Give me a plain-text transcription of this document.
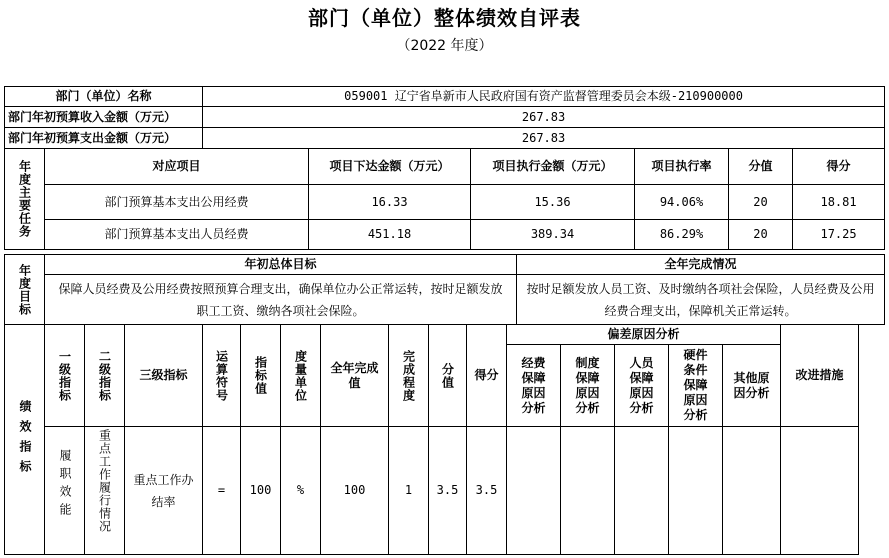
部门（单位）整体绩效自评表
（2022 年度）
部门（单位）名称		059001 辽宁省阜新市人民政府国有资产监督管理委员会本级-210900000					
部门年初预算收入金额（万元）		267.83					
部门年初预算支出金额（万元）		267.83					

年度主要任务	对应项目		项目下达金额（万元）	项目执行金额（万元）	项目执行率	分值	得分
	部门预算基本支出公用经费		16.33	15.36	94.06%	20	18.81
	部门预算基本支出人员经费		451.18	389.34	86.29%	20	17.25
年度目标	年初总体目标	全年完成情况
	保障人员经费及公用经费按照预算合理支出，确保单位办公正常运转，按时足额发放职工工资、缴纳各项社会保险。	按时足额发放人员工资、及时缴纳各项社会保险，人员经费及公用经费合理支出，保障机关正常运转。
绩效指标	一级指标	二级指标	三级指标	运算符号	指标值	度量单位	全年完成值	完成程度	分值	得分	偏差原因分析					改进措施	
											经费保障原因分析	制度保障原因分析	人员保障原因分析	硬件条件保障原因分析	其他原因分析		

	履职效能	重点工作履行情况	重点工作办结率	=	100	%	100	1	3.5	3.5							
